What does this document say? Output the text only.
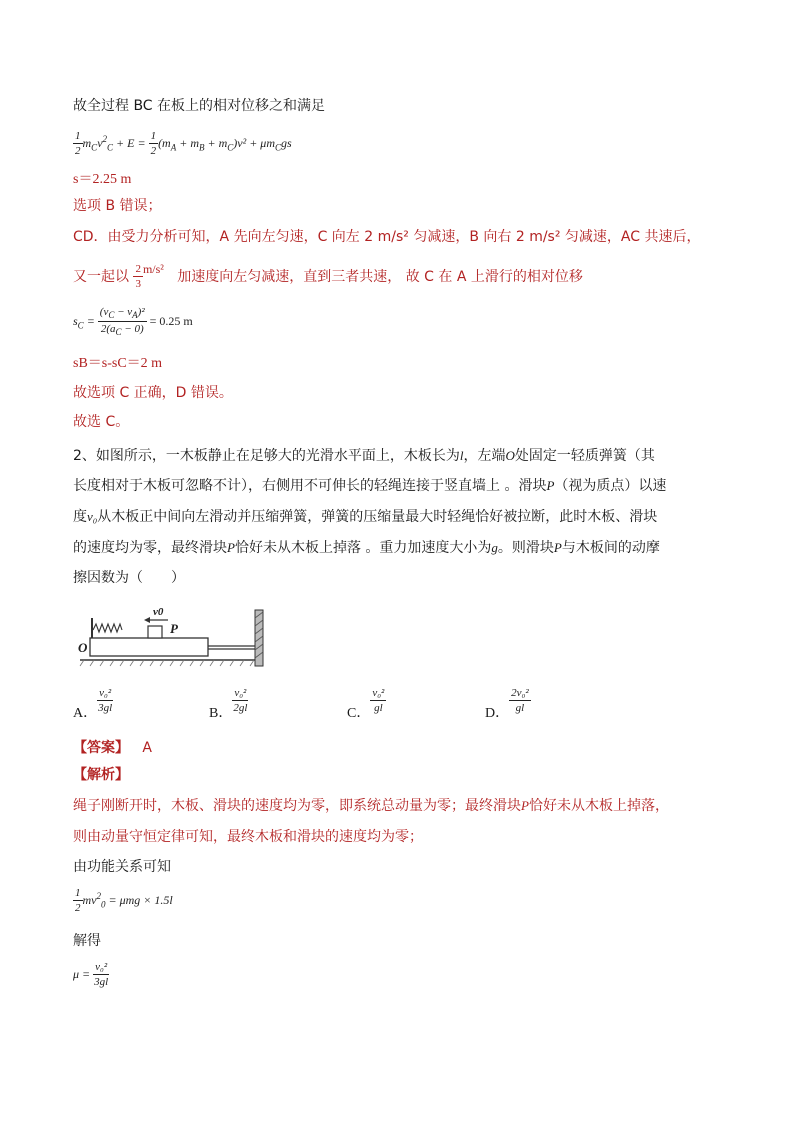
故全过程 BC 在板上的相对位移之和满足
$\frac{1}{2} m_Cv^2_C + E = \frac{1}{2} (m_A + m_B + m_C)v^2 + \mu m_Cgs$
s＝2.25 m
选项 B 错误；
CD．由受力分析可知，A 先向左匀速，C 向左 2 m/s² 匀减速，B 向右 2 m/s² 匀减速，AC 共速后，
又一起以 $\frac{2}{3} m/s^2$ 加速度向左匀减速，直到三者共速， 故 C 在 A 上滑行的相对位移
$s_C = \frac{(v_C - v_A)^2}{2(a_C - 0)} = 0.25$ m
sB＝s-sC＝2 m
故选项 C 正确，D 错误。
故选 C。
2、如图所示，一木板静止在足够大的光滑水平面上，木板长为l，左端O处固定一轻质弹簧（其
长度相对于木板可忽略不计），右侧用不可伸长的轻绳连接于竖直墙上 。滑块P（视为质点）以速
度v₀从木板正中间向左滑动并压缩弹簧，弹簧的压缩量最大时轻绳恰好被拉断，此时木板、滑块
的速度均为零，最终滑块P恰好未从木板上掉落 。重力加速度大小为g。则滑块P与木板间的动摩
擦因数为（　　）
v0
P
O
A． $\frac{\text{v₀²}}{3gl}$	B． $\frac{\text{v₀²}}{2gl}$	C． $\frac{\text{v₀²}}{gl}$	D． $\frac{\text{2v₀²}}{gl}$
【答案】 A
【解析】
绳子刚断开时，木板、滑块的速度均为零，即系统总动量为零；最终滑块P恰好未从木板上掉落，
则由动量守恒定律可知，最终木板和滑块的速度均为零；
由功能关系可知
$\frac{1}{2} mv^2_0 = \mu mg \times 1.5l$
解得
$\mu = \frac{\text{v₀²}}{3gl}$
